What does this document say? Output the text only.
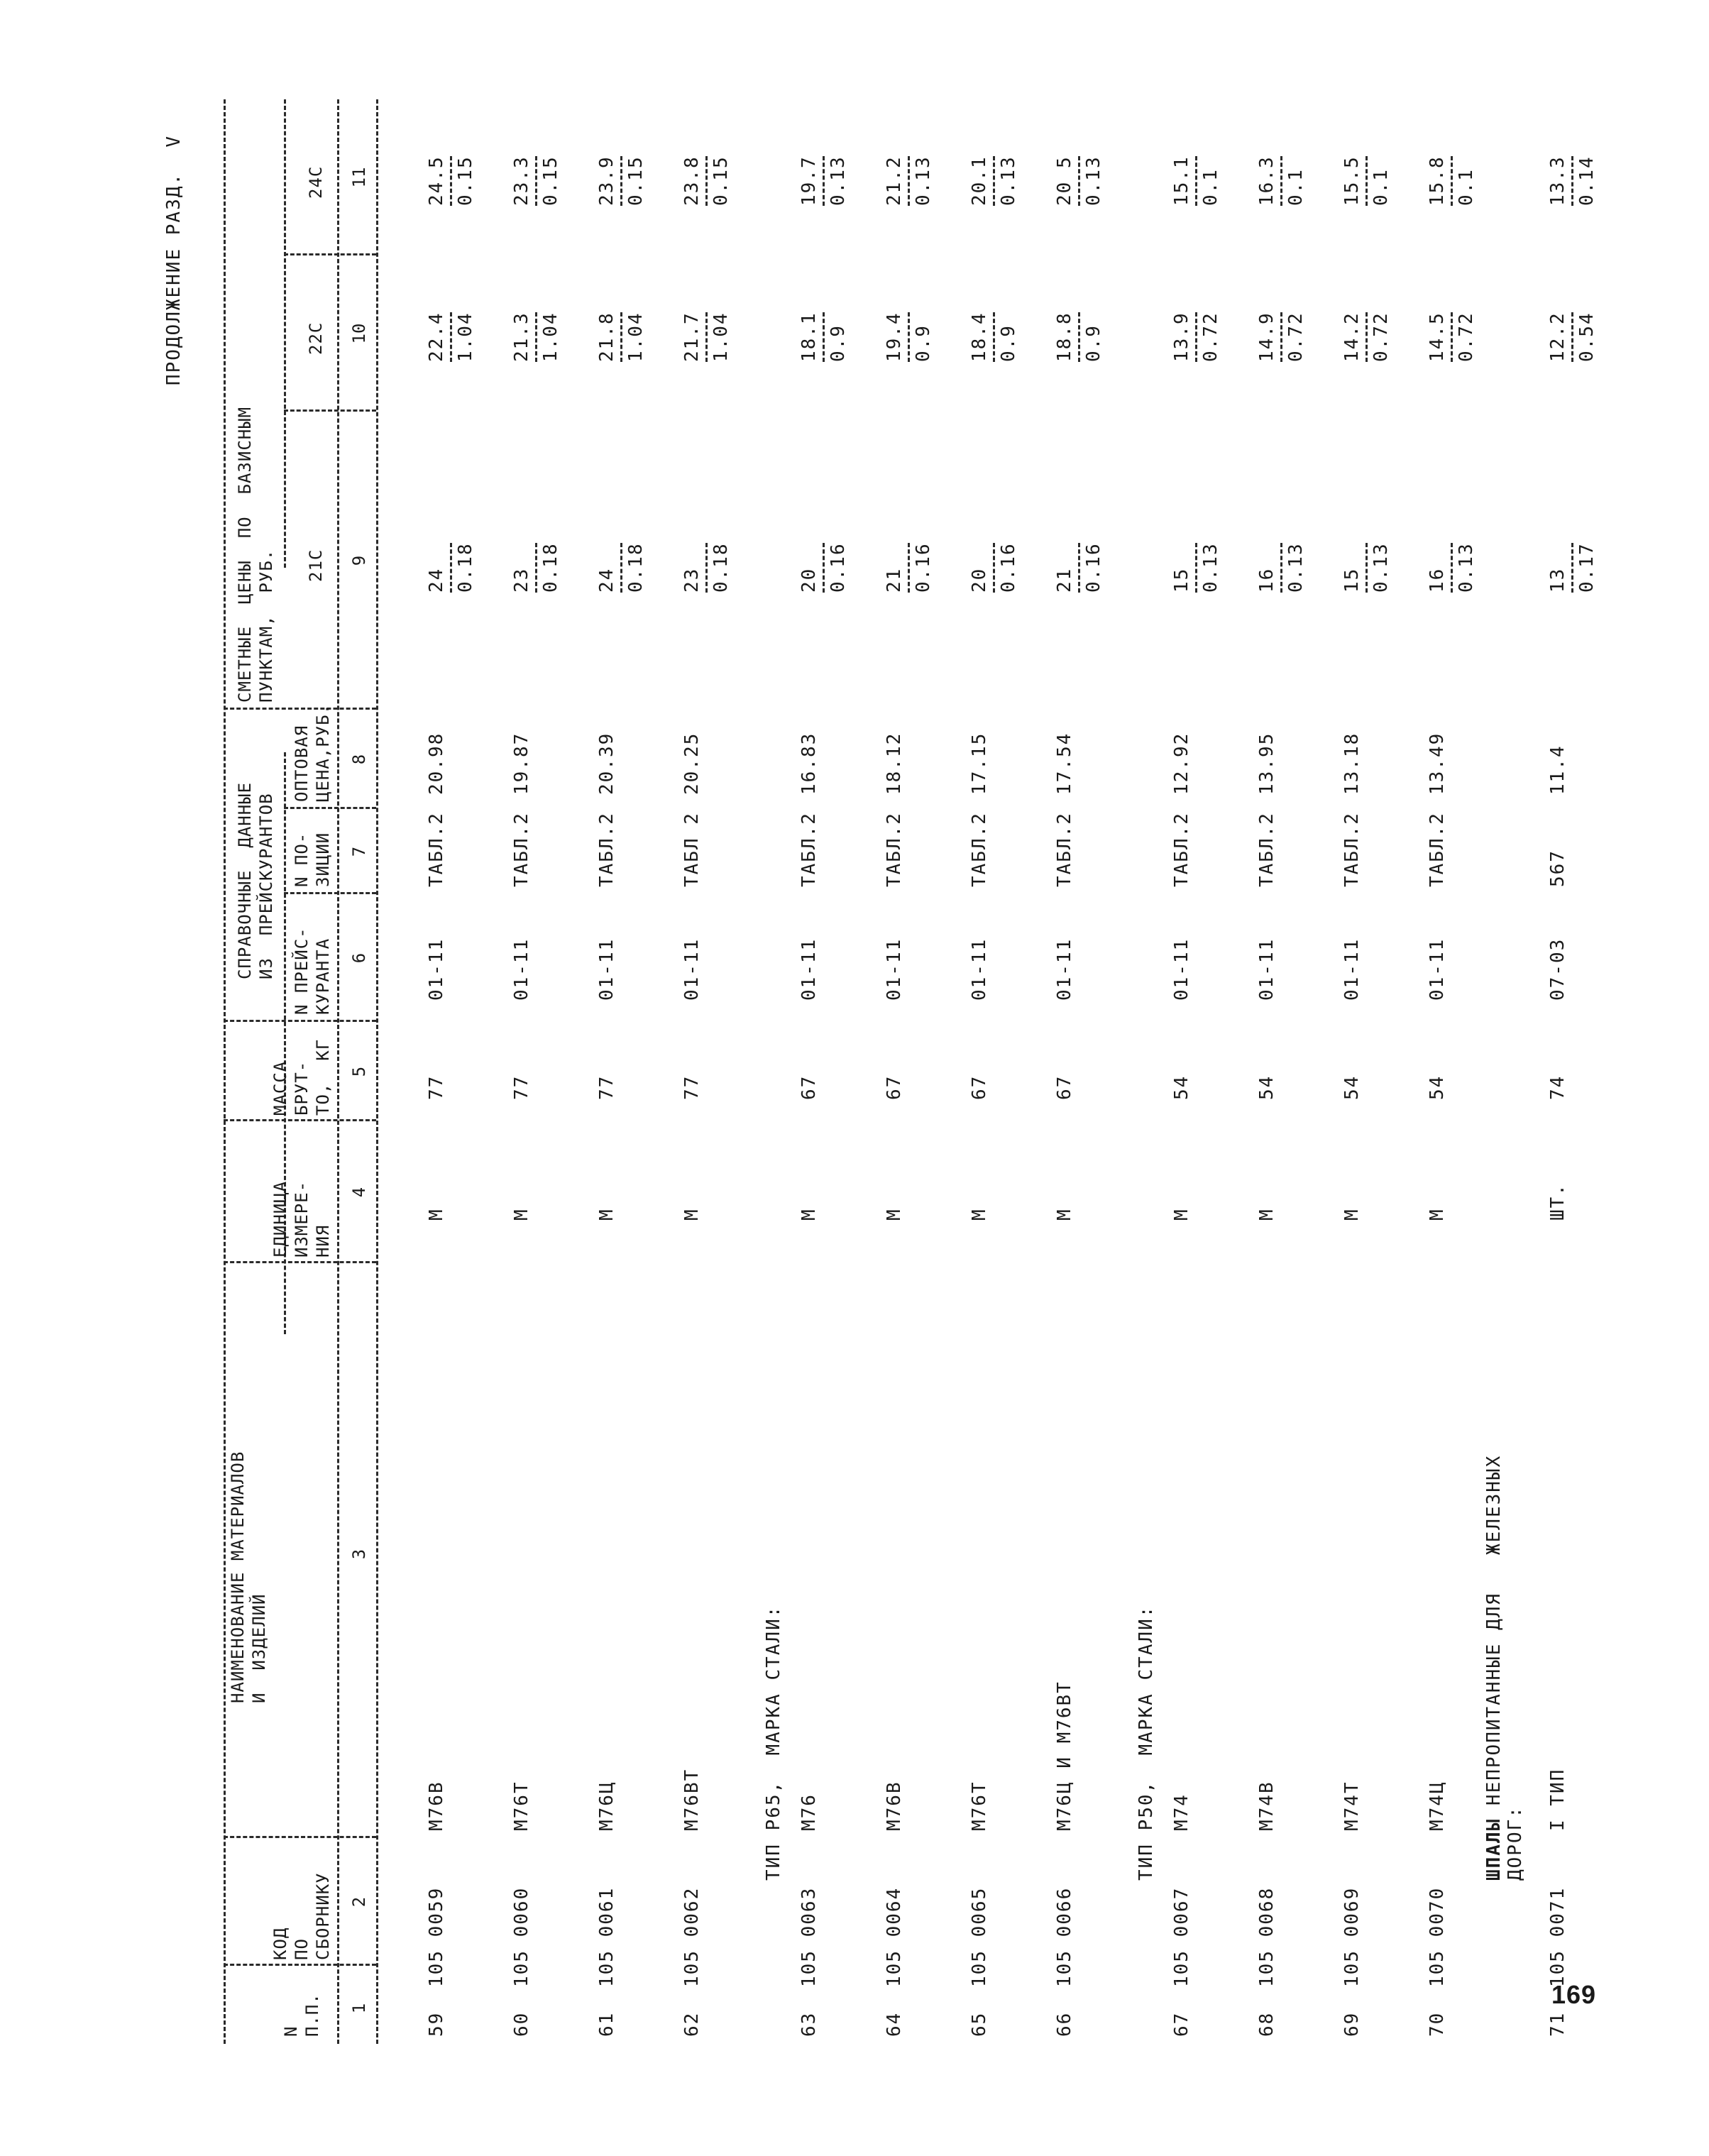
169
ПРОДОЛЖЕНИЕ РАЗД.  V
N
П.П.
КОД
ПО
СБОРНИКУ
НАИМЕНОВАНИЕ МАТЕРИАЛОВ
И  ИЗДЕЛИЙ
ЕДИНИЦА
ИЗМЕРЕ-
НИЯ
МАССА
БРУТ-
ТО,  КГ
СПРАВОЧНЫЕ  ДАННЫЕ
ИЗ  ПРЕЙСКУРАНТОВ
N ПРЕЙС-
КУРАНТА
N ПО-
ЗИЦИИ
ОПТОВАЯ
ЦЕНА,РУБ.
СМЕТНЫЕ  ЦЕНЫ  ПО  БАЗИСНЫМ
ПУНКТАМ,  РУБ. 21С
22С
24С
1
2
3
4
5
6
7
8
9
10
11
ТИП Р65,  МАРКА СТАЛИ:	ТИП Р50,  МАРКА СТАЛИ:	ШПАЛЫ НЕПРОПИТАННЫЕ ДЛЯ   ЖЕЛЕЗНЫХ
ДОРОГ:
59
105 0059
М76В
М
77
01-11
ТАБЛ.2
20.98
24 0.18
22.4 1.04
24.5 0.15
60
105 0060
М76Т
М
77
01-11
ТАБЛ.2
19.87
23 0.18
21.3 1.04
23.3 0.15
61
105 0061
М76Ц
М
77
01-11
ТАБЛ.2
20.39
24 0.18
21.8 1.04
23.9 0.15
62
105 0062
М76ВТ
М
77
01-11
ТАБЛ 2
20.25
23 0.18
21.7 1.04
23.8 0.15
63
105 0063
М76
М
67
01-11
ТАБЛ.2
16.83
20 0.16
18.1 0.9
19.7 0.13
64
105 0064
М76В
М
67
01-11
ТАБЛ.2
18.12
21 0.16
19.4 0.9
21.2 0.13
65
105 0065
М76Т
М
67
01-11
ТАБЛ.2
17.15
20 0.16
18.4 0.9
20.1 0.13
66
105 0066
М76Ц И М76ВТ
М
67
01-11
ТАБЛ.2
17.54
21 0.16
18.8 0.9
20 5 0.13
67
105 0067
М74
М
54
01-11
ТАБЛ.2
12.92
15 0.13
13.9 0.72
15.1 0.1
68
105 0068
М74В
М
54
01-11
ТАБЛ.2
13.95
16 0.13
14.9 0.72
16.3 0.1
69
105 0069
М74Т
М
54
01-11
ТАБЛ.2
13.18
15 0.13
14.2 0.72
15.5 0.1
70
105 0070
М74Ц
М
54
01-11
ТАБЛ.2
13.49
16 0.13
14.5 0.72
15.8 0.1
71
105 0071
I ТИП
ШТ.
74
07-03
567
11.4
13 0.17
12.2 0.54
13.3 0.14
